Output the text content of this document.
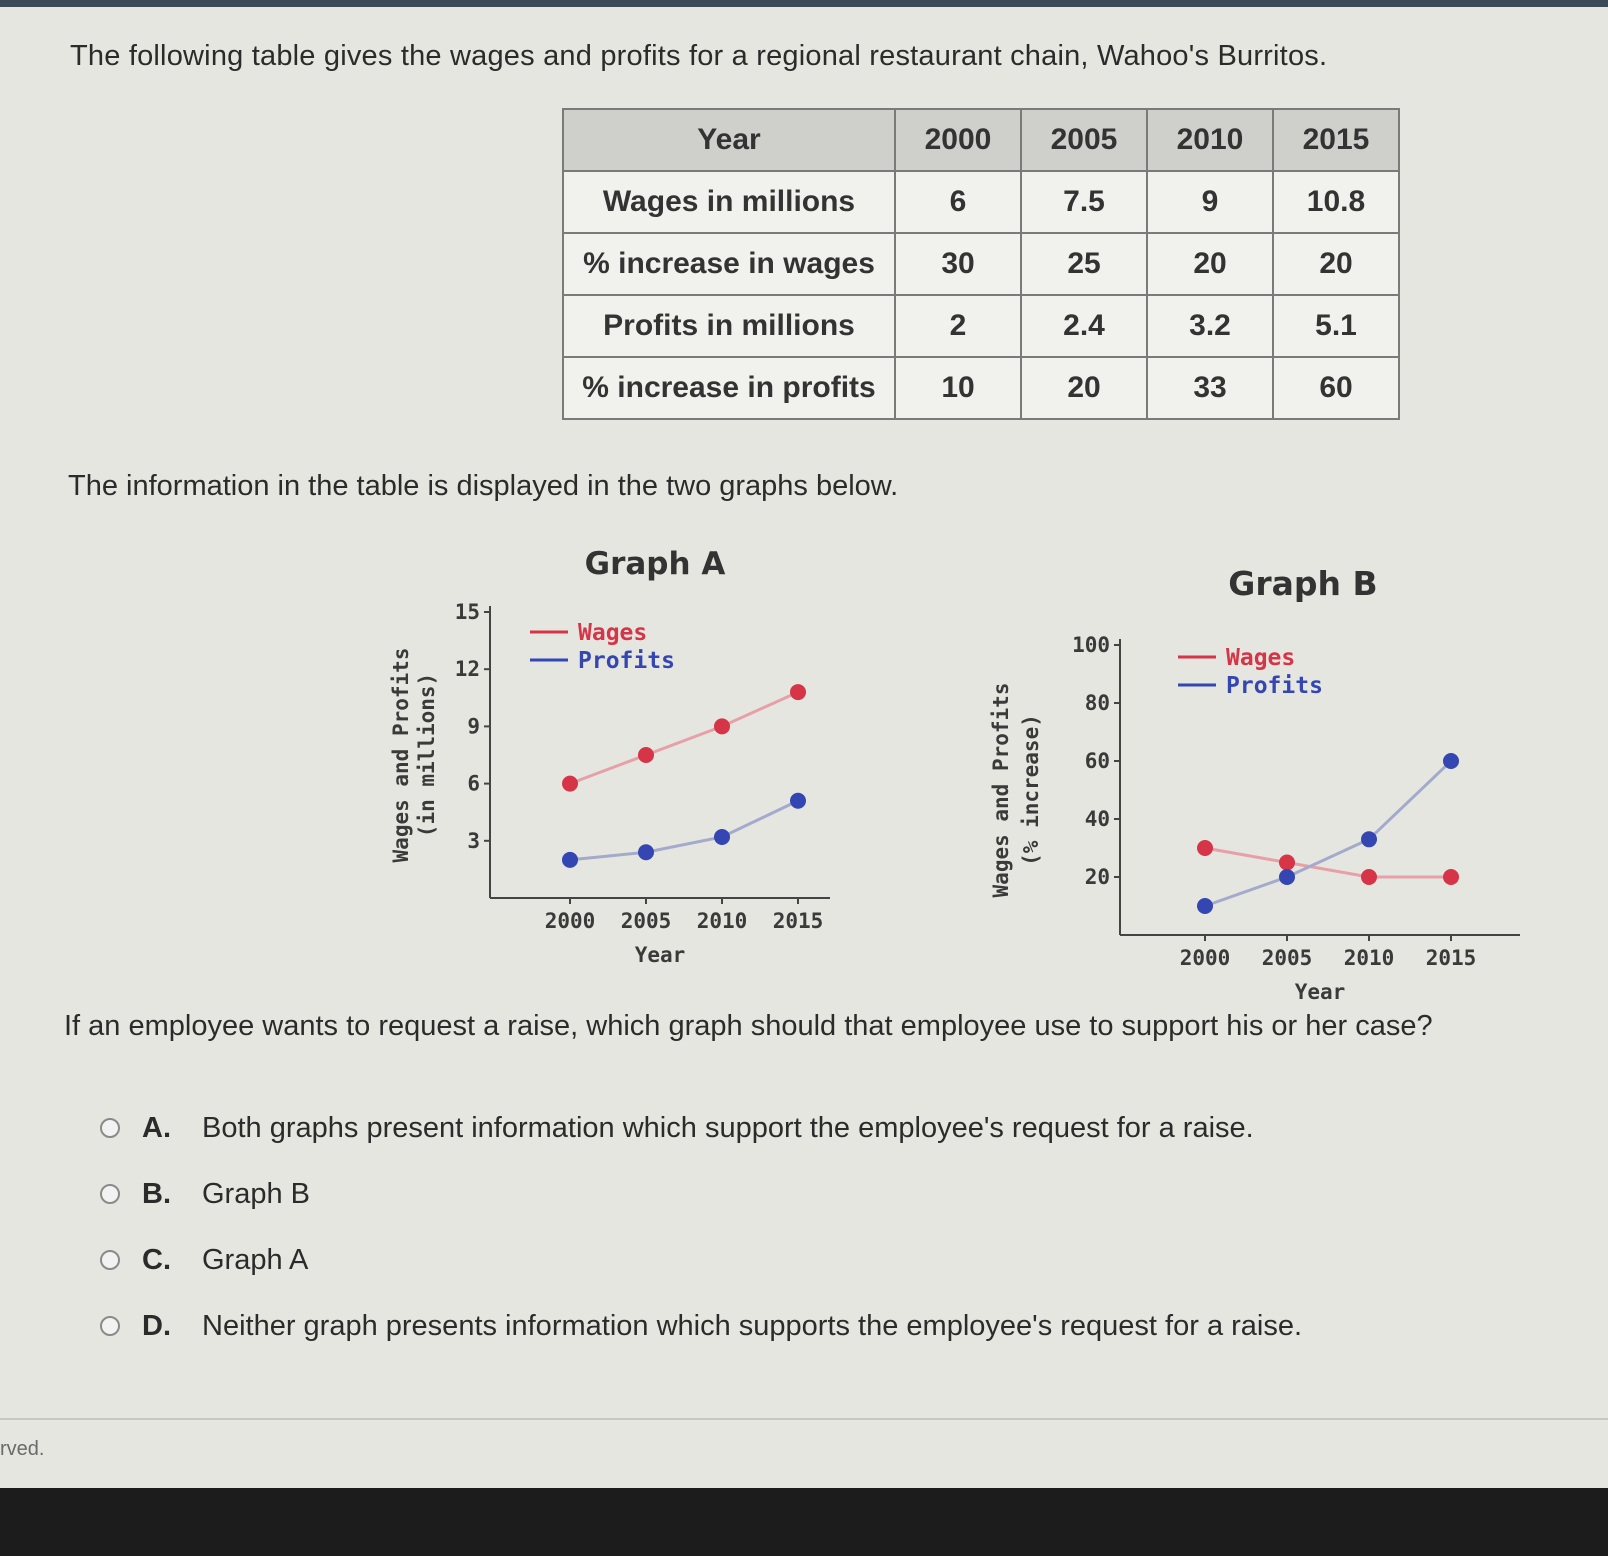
The following table gives the wages and profits for a regional restaurant chain, Wahoo's Burritos.
Year	2000	2005	2010	2015
Wages in millions	6	7.5	9	10.8
% increase in wages	30	25	20	20
Profits in millions	2	2.4	3.2	5.1
% increase in profits	10	20	33	60
The information in the table is displayed in the two graphs below.
Graph A
3
6
9
12
15
2000 2005 2010 2015
Year
Wages and Profits (in millions)
Wages
Profits
Graph B
20
40
60
80
100
2000 2005 2010 2015
Year
Wages and Profits (% increase)
Wages
Profits
If an employee wants to request a raise, which graph should that employee use to support his or her case?
A.	Both graphs present information which support the employee's request for a raise.
B.	Graph B
C.	Graph A
D.	Neither graph presents information which supports the employee's request for a raise.
rved.
